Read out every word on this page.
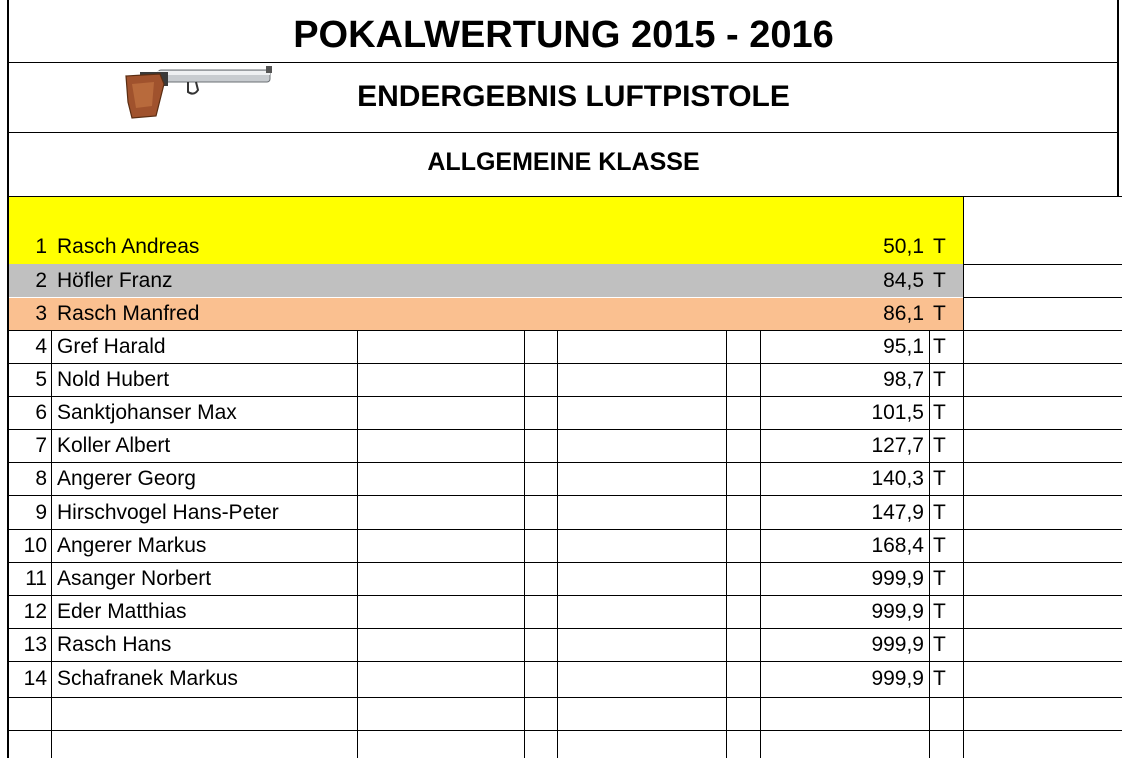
POKALWERTUNG 2015 - 2016
ENDERGEBNIS LUFTPISTOLE
ALLGEMEINE KLASSE
1 Rasch Andreas	50,1 T
2 Höfler Franz	84,5 T
3 Rasch Manfred	86,1 T
4 Gref Harald	95,1 T
5 Nold Hubert	98,7 T
6 Sanktjohanser Max	101,5 T
7 Koller Albert	127,7 T
8 Angerer Georg	140,3 T
9 Hirschvogel Hans-Peter	147,9 T
10 Angerer Markus	168,4 T
11 Asanger Norbert	999,9 T
12 Eder Matthias	999,9 T
13 Rasch Hans	999,9 T
14 Schafranek Markus	999,9 T
